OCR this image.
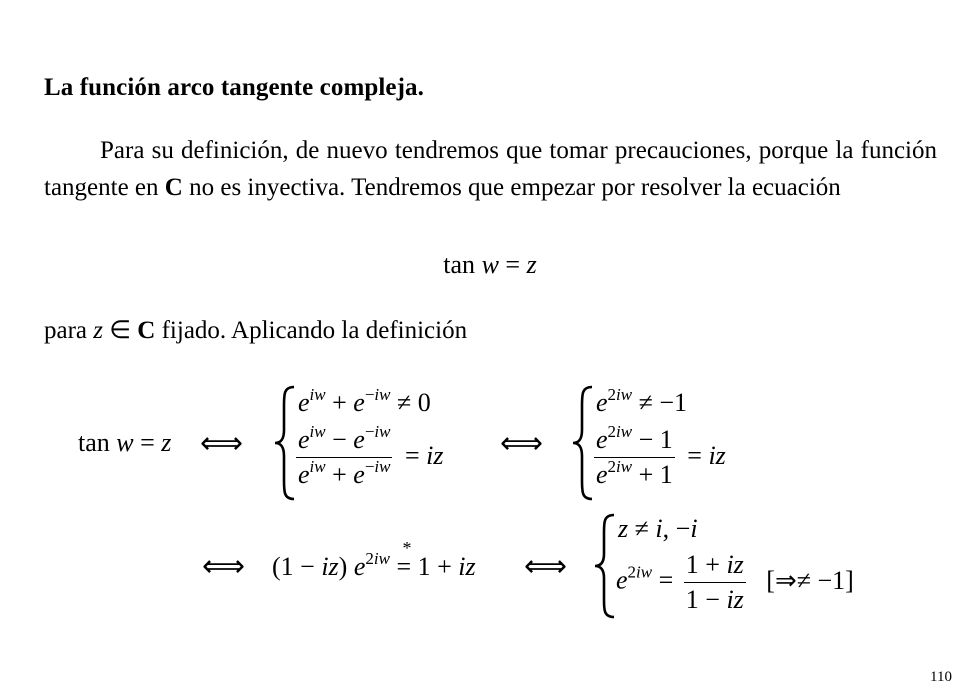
La función arco tangente compleja.
Para su definición, de nuevo tendremos que tomar precauciones, porque la función tangente en C no es inyectiva. Tendremos que empezar por resolver la ecuación
tan w = z
para z ∈ C fijado. Aplicando la definición
tan w = z ⟺
$e^{iw} + e^{-iw} \ne 0$
$\frac{e^{iw} - e^{-iw}}{e^{iw} + e^{-iw}}$ = iz ⟺
$e^{2iw} \ne -1$
$\frac{e^{2iw} - 1}{e^{2iw} + 1}$ = iz
⟺ (1 − iz) $e^{2iw}$ =
*
1 + iz ⟺
z ≠ i, −i
$e^{2iw} = \frac{1 + iz}{1 - iz}$ [⇒≠ −1]
110
